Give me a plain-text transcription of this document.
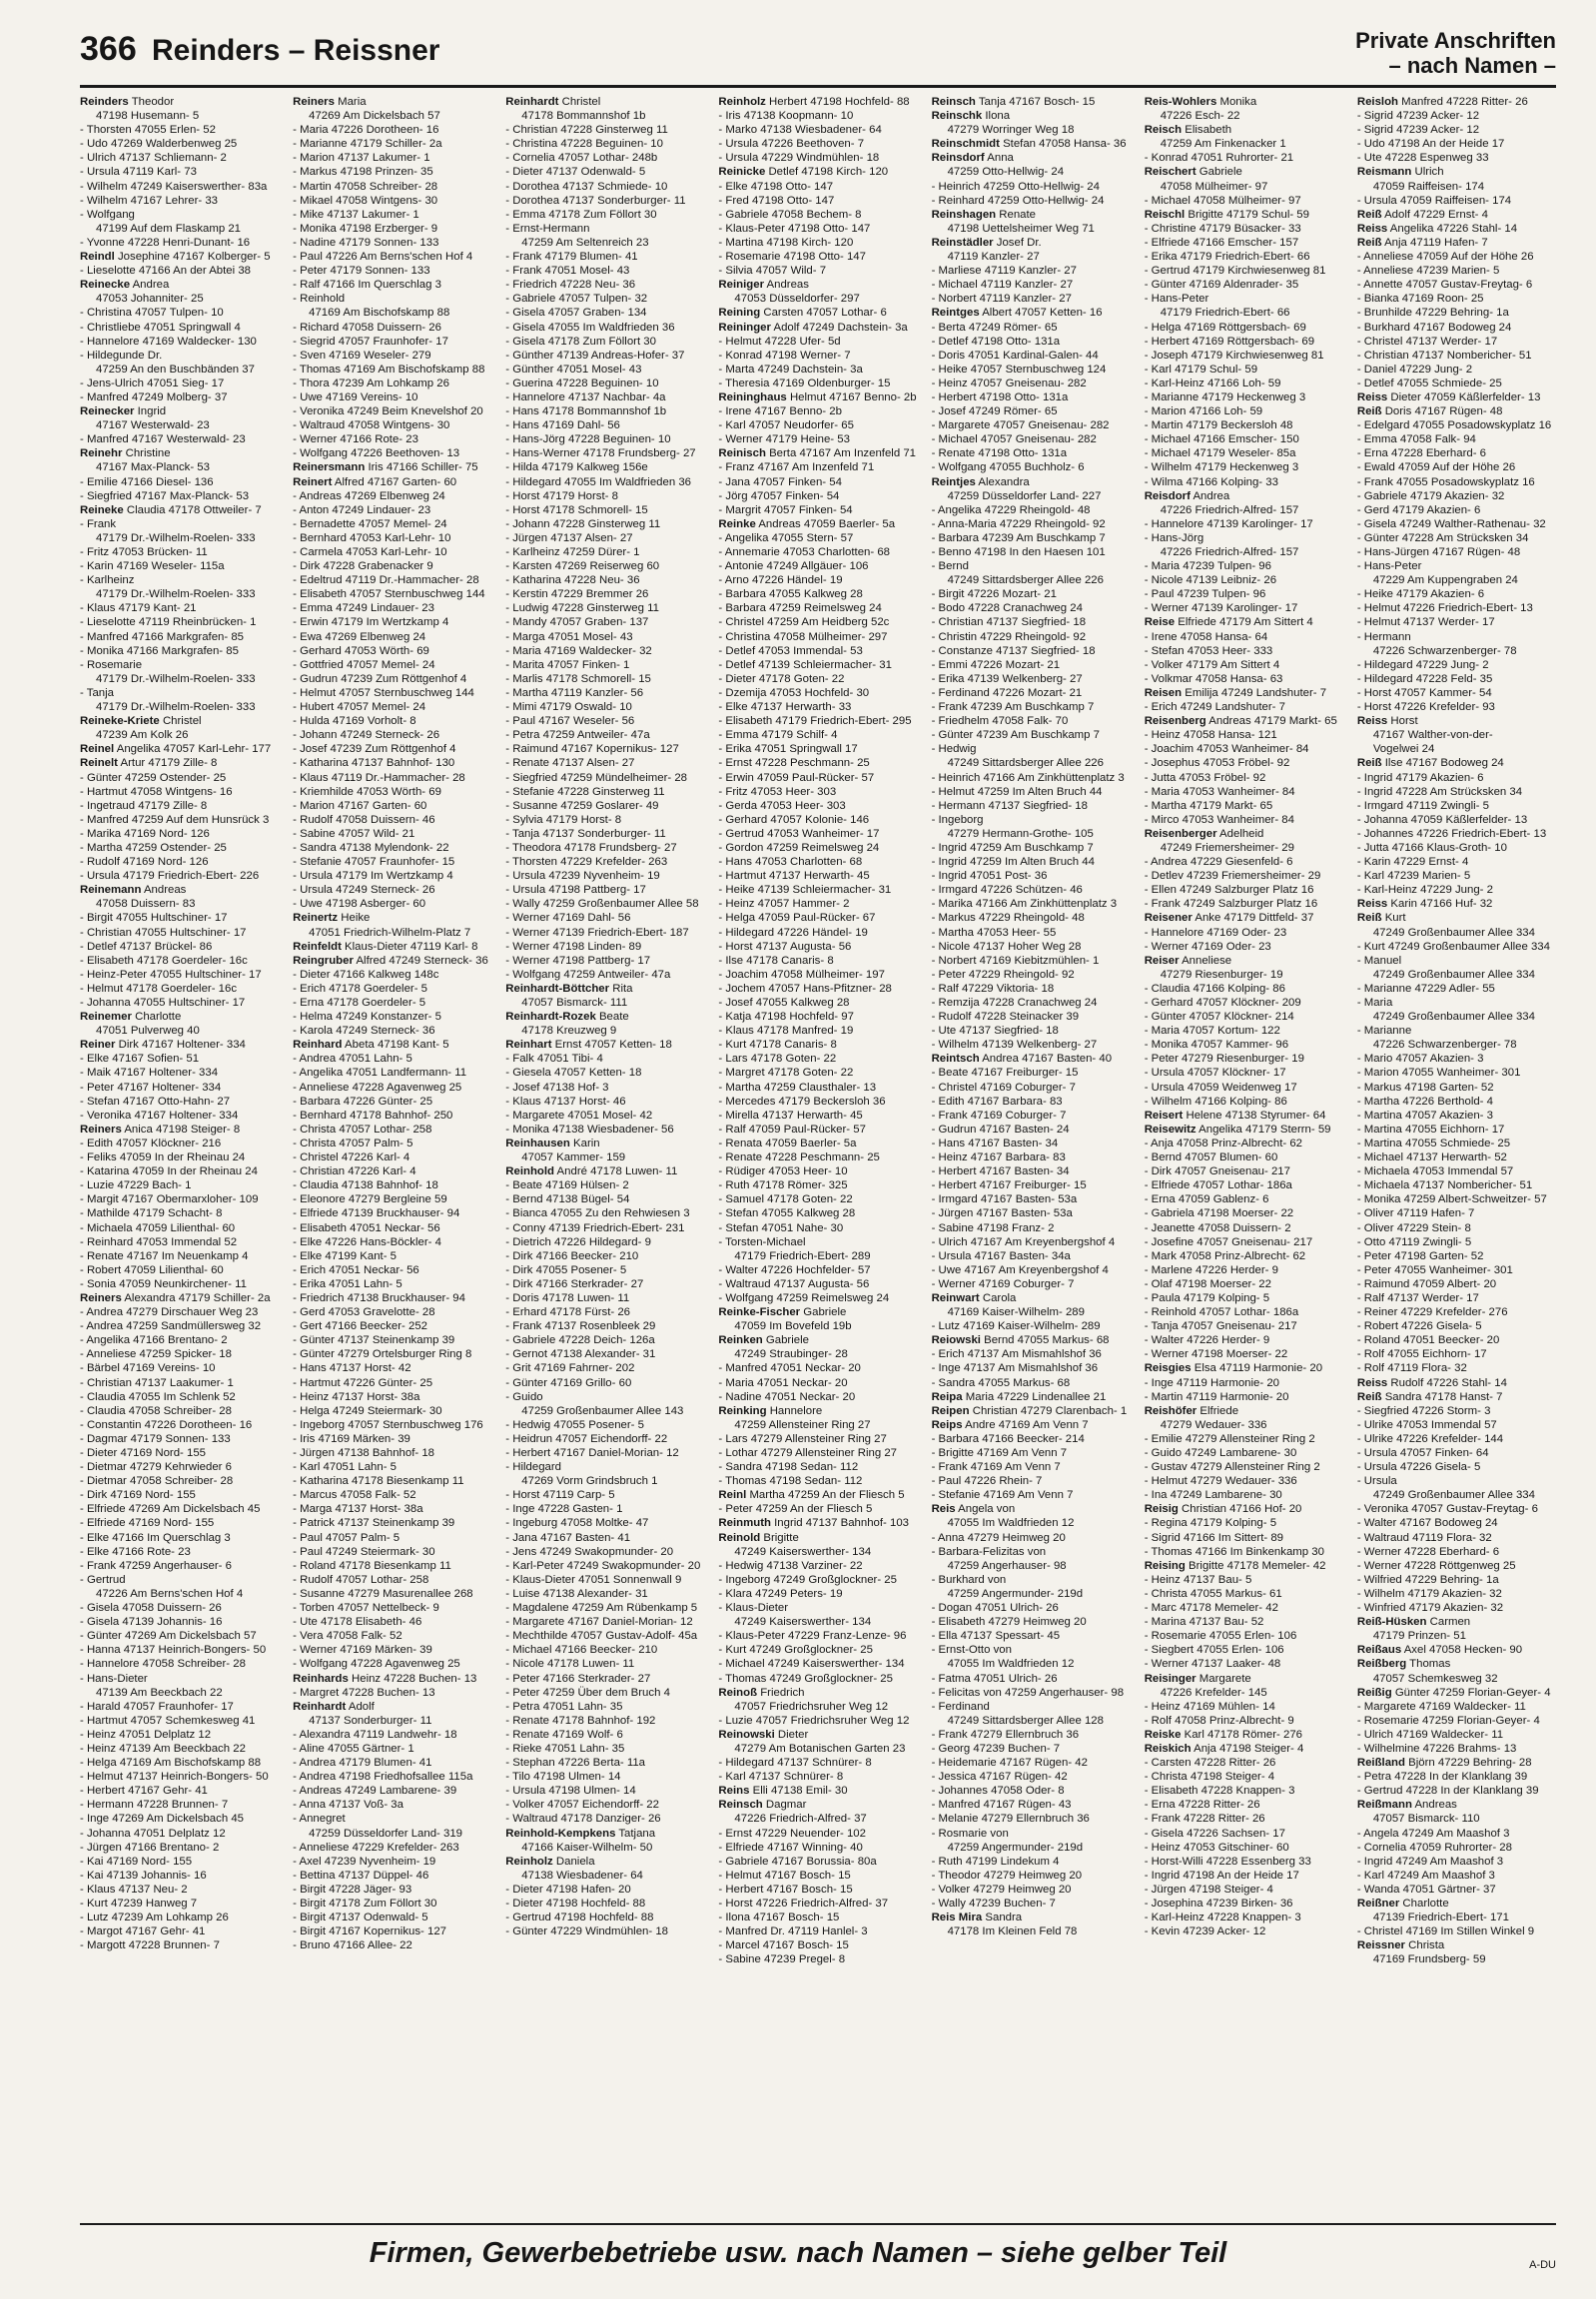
366 Reinders – Reissner	Private Anschriften
– nach Namen –
Reinders Theodor
47198 Husemann- 5
- Thorsten 47055 Erlen- 52
- Udo 47269 Walderbenweg 25
- Ulrich 47137 Schliemann- 2
- Ursula 47119 Karl- 73
- Wilhelm 47249 Kaiserswerther- 83a
- Wilhelm 47167 Lehrer- 33
- Wolfgang
47199 Auf dem Flaskamp 21
- Yvonne 47228 Henri-Dunant- 16
Reindl Josephine 47167 Kolberger- 5
- Lieselotte 47166 An der Abtei 38
Reinecke Andrea
47053 Johanniter- 25
- Christina 47057 Tulpen- 10
- Christliebe 47051 Springwall 4
- Hannelore 47169 Waldecker- 130
- Hildegunde Dr.
47259 An den Buschbänden 37
- Jens-Ulrich 47051 Sieg- 17
- Manfred 47249 Molberg- 37
Reinecker Ingrid
47167 Westerwald- 23
- Manfred 47167 Westerwald- 23
Reinehr Christine
47167 Max-Planck- 53
- Emilie 47166 Diesel- 136
- Siegfried 47167 Max-Planck- 53
Reineke Claudia 47178 Ottweiler- 7
- Frank
47179 Dr.-Wilhelm-Roelen- 333
- Fritz 47053 Brücken- 11
- Karin 47169 Weseler- 115a
- Karlheinz
47179 Dr.-Wilhelm-Roelen- 333
- Klaus 47179 Kant- 21
- Lieselotte 47119 Rheinbrücken- 1
- Manfred 47166 Markgrafen- 85
- Monika 47166 Markgrafen- 85
- Rosemarie
47179 Dr.-Wilhelm-Roelen- 333
- Tanja
47179 Dr.-Wilhelm-Roelen- 333
Reineke-Kriete Christel
47239 Am Kolk 26
Reinel Angelika 47057 Karl-Lehr- 177
Reinelt Artur 47179 Zille- 8
- Günter 47259 Ostender- 25
- Hartmut 47058 Wintgens- 16
- Ingetraud 47179 Zille- 8
- Manfred 47259 Auf dem Hunsrück 3
- Marika 47169 Nord- 126
- Martha 47259 Ostender- 25
- Rudolf 47169 Nord- 126
- Ursula 47179 Friedrich-Ebert- 226
Reinemann Andreas
47058 Duissern- 83
- Birgit 47055 Hultschiner- 17
- Christian 47055 Hultschiner- 17
- Detlef 47137 Brückel- 86
- Elisabeth 47178 Goerdeler- 16c
- Heinz-Peter 47055 Hultschiner- 17
- Helmut 47178 Goerdeler- 16c
- Johanna 47055 Hultschiner- 17
Reinemer Charlotte
47051 Pulverweg 40
Reiner Dirk 47167 Holtener- 334
- Elke 47167 Sofien- 51
- Maik 47167 Holtener- 334
- Peter 47167 Holtener- 334
- Stefan 47167 Otto-Hahn- 27
- Veronika 47167 Holtener- 334
Reiners Anica 47198 Steiger- 8
- Edith 47057 Klöckner- 216
- Feliks 47059 In der Rheinau 24
- Katarina 47059 In der Rheinau 24
- Luzie 47229 Bach- 1
- Margit 47167 Obermarxloher- 109
- Mathilde 47179 Schacht- 8
- Michaela 47059 Lilienthal- 60
- Reinhard 47053 Immendal 52
- Renate 47167 Im Neuenkamp 4
- Robert 47059 Lilienthal- 60
- Sonia 47059 Neunkirchener- 11
Reiners Alexandra 47179 Schiller- 2a
- Andrea 47279 Dirschauer Weg 23
- Andrea 47259 Sandmüllersweg 32
- Angelika 47166 Brentano- 2
- Anneliese 47259 Spicker- 18
- Bärbel 47169 Vereins- 10
- Christian 47137 Laakumer- 1
- Claudia 47055 Im Schlenk 52
- Claudia 47058 Schreiber- 28
- Constantin 47226 Dorotheen- 16
- Dagmar 47179 Sonnen- 133
- Dieter 47169 Nord- 155
- Dietmar 47279 Kehrwieder 6
- Dietmar 47058 Schreiber- 28
- Dirk 47169 Nord- 155
- Elfriede 47269 Am Dickelsbach 45
- Elfriede 47169 Nord- 155
- Elke 47166 Im Querschlag 3
- Elke 47166 Rote- 23
- Frank 47259 Angerhauser- 6
- Gertrud
47226 Am Berns'schen Hof 4
- Gisela 47058 Duissern- 26
- Gisela 47139 Johannis- 16
- Günter 47269 Am Dickelsbach 57
- Hanna 47137 Heinrich-Bongers- 50
- Hannelore 47058 Schreiber- 28
- Hans-Dieter
47139 Am Beeckbach 22
- Harald 47057 Fraunhofer- 17
- Hartmut 47057 Schemkesweg 41
- Heinz 47051 Delplatz 12
- Heinz 47139 Am Beeckbach 22
- Helga 47169 Am Bischofskamp 88
- Helmut 47137 Heinrich-Bongers- 50
- Herbert 47167 Gehr- 41
- Hermann 47228 Brunnen- 7
- Inge 47269 Am Dickelsbach 45
- Johanna 47051 Delplatz 12
- Jürgen 47166 Brentano- 2
- Kai 47169 Nord- 155
- Kai 47139 Johannis- 16
- Klaus 47137 Neu- 2
- Kurt 47239 Hanweg 7
- Lutz 47239 Am Lohkamp 26
- Margot 47167 Gehr- 41
- Margott 47228 Brunnen- 7
Reiners Maria
47269 Am Dickelsbach 57
- Maria 47226 Dorotheen- 16
- Marianne 47179 Schiller- 2a
- Marion 47137 Lakumer- 1
- Markus 47198 Prinzen- 35
- Martin 47058 Schreiber- 28
- Mikael 47058 Wintgens- 30
- Mike 47137 Lakumer- 1
- Monika 47198 Erzberger- 9
- Nadine 47179 Sonnen- 133
- Paul 47226 Am Berns'schen Hof 4
- Peter 47179 Sonnen- 133
- Ralf 47166 Im Querschlag 3
- Reinhold
47169 Am Bischofskamp 88
- Richard 47058 Duissern- 26
- Siegrid 47057 Fraunhofer- 17
- Sven 47169 Weseler- 279
- Thomas 47169 Am Bischofskamp 88
- Thora 47239 Am Lohkamp 26
- Uwe 47169 Vereins- 10
- Veronika 47249 Beim Knevelshof 20
- Waltraud 47058 Wintgens- 30
- Werner 47166 Rote- 23
- Wolfgang 47226 Beethoven- 13
Reinersmann Iris 47166 Schiller- 75
Reinert Alfred 47167 Garten- 60
- Andreas 47269 Elbenweg 24
- Anton 47249 Lindauer- 23
- Bernadette 47057 Memel- 24
- Bernhard 47053 Karl-Lehr- 10
- Carmela 47053 Karl-Lehr- 10
- Dirk 47228 Grabenacker 9
- Edeltrud 47119 Dr.-Hammacher- 28
- Elisabeth 47057 Sternbuschweg 144
- Emma 47249 Lindauer- 23
- Erwin 47179 Im Wertzkamp 4
- Ewa 47269 Elbenweg 24
- Gerhard 47053 Wörth- 69
- Gottfried 47057 Memel- 24
- Gudrun 47239 Zum Röttgenhof 4
- Helmut 47057 Sternbuschweg 144
- Hubert 47057 Memel- 24
- Hulda 47169 Vorholt- 8
- Johann 47249 Sterneck- 26
- Josef 47239 Zum Röttgenhof 4
- Katharina 47137 Bahnhof- 130
- Klaus 47119 Dr.-Hammacher- 28
- Kriemhilde 47053 Wörth- 69
- Marion 47167 Garten- 60
- Rudolf 47058 Duissern- 46
- Sabine 47057 Wild- 21
- Sandra 47138 Mylendonk- 22
- Stefanie 47057 Fraunhofer- 15
- Ursula 47179 Im Wertzkamp 4
- Ursula 47249 Sterneck- 26
- Uwe 47198 Asberger- 60
Reinertz Heike
47051 Friedrich-Wilhelm-Platz 7
Reinfeldt Klaus-Dieter 47119 Karl- 8
Reingruber Alfred 47249 Sterneck- 36
- Dieter 47166 Kalkweg 148c
- Erich 47178 Goerdeler- 5
- Erna 47178 Goerdeler- 5
- Helma 47249 Konstanzer- 5
- Karola 47249 Sterneck- 36
Reinhard Abeta 47198 Kant- 5
- Andrea 47051 Lahn- 5
- Angelika 47051 Landfermann- 11
- Anneliese 47228 Agavenweg 25
- Barbara 47226 Günter- 25
- Bernhard 47178 Bahnhof- 250
- Christa 47057 Lothar- 258
- Christa 47057 Palm- 5
- Christel 47226 Karl- 4
- Christian 47226 Karl- 4
- Claudia 47138 Bahnhof- 18
- Eleonore 47279 Bergleine 59
- Elfriede 47139 Bruckhauser- 94
- Elisabeth 47051 Neckar- 56
- Elke 47226 Hans-Böckler- 4
- Elke 47199 Kant- 5
- Erich 47051 Neckar- 56
- Erika 47051 Lahn- 5
- Friedrich 47138 Bruckhauser- 94
- Gerd 47053 Gravelotte- 28
- Gert 47166 Beecker- 252
- Günter 47137 Steinenkamp 39
- Günter 47279 Ortelsburger Ring 8
- Hans 47137 Horst- 42
- Hartmut 47226 Günter- 25
- Heinz 47137 Horst- 38a
- Helga 47249 Steiermark- 30
- Ingeborg 47057 Sternbuschweg 176
- Iris 47169 Märken- 39
- Jürgen 47138 Bahnhof- 18
- Karl 47051 Lahn- 5
- Katharina 47178 Biesenkamp 11
- Marcus 47058 Falk- 52
- Marga 47137 Horst- 38a
- Patrick 47137 Steinenkamp 39
- Paul 47057 Palm- 5
- Paul 47249 Steiermark- 30
- Roland 47178 Biesenkamp 11
- Rudolf 47057 Lothar- 258
- Susanne 47279 Masurenallee 268
- Torben 47057 Nettelbeck- 9
- Ute 47178 Elisabeth- 46
- Vera 47058 Falk- 52
- Werner 47169 Märken- 39
- Wolfgang 47228 Agavenweg 25
Reinhards Heinz 47228 Buchen- 13
- Margret 47228 Buchen- 13
Reinhardt Adolf
47137 Sonderburger- 11
- Alexandra 47119 Landwehr- 18
- Aline 47055 Gärtner- 1
- Andrea 47179 Blumen- 41
- Andrea 47198 Friedhofsallee 115a
- Andreas 47249 Lambarene- 39
- Anna 47137 Voß- 3a
- Annegret
47259 Düsseldorfer Land- 319
- Anneliese 47229 Krefelder- 263
- Axel 47239 Nyvenheim- 19
- Bettina 47137 Düppel- 46
- Birgit 47228 Jäger- 93
- Birgit 47178 Zum Föllort 30
- Birgit 47137 Odenwald- 5
- Birgit 47167 Kopernikus- 127
- Bruno 47166 Allee- 22
Reinhardt Christel
47178 Bommannshof 1b
- Christian 47228 Ginsterweg 11
- Christina 47228 Beguinen- 10
- Cornelia 47057 Lothar- 248b
- Dieter 47137 Odenwald- 5
- Dorothea 47137 Schmiede- 10
- Dorothea 47137 Sonderburger- 11
- Emma 47178 Zum Föllort 30
- Ernst-Hermann
47259 Am Seltenreich 23
- Frank 47179 Blumen- 41
- Frank 47051 Mosel- 43
- Friedrich 47228 Neu- 36
- Gabriele 47057 Tulpen- 32
- Gisela 47057 Graben- 134
- Gisela 47055 Im Waldfrieden 36
- Gisela 47178 Zum Föllort 30
- Günther 47139 Andreas-Hofer- 37
- Günther 47051 Mosel- 43
- Guerina 47228 Beguinen- 10
- Hannelore 47137 Nachbar- 4a
- Hans 47178 Bommannshof 1b
- Hans 47169 Dahl- 56
- Hans-Jörg 47228 Beguinen- 10
- Hans-Werner 47178 Frundsberg- 27
- Hilda 47179 Kalkweg 156e
- Hildegard 47055 Im Waldfrieden 36
- Horst 47179 Horst- 8
- Horst 47178 Schmorell- 15
- Johann 47228 Ginsterweg 11
- Jürgen 47137 Alsen- 27
- Karlheinz 47259 Dürer- 1
- Karsten 47269 Reiserweg 60
- Katharina 47228 Neu- 36
- Kerstin 47229 Bremmer 26
- Ludwig 47228 Ginsterweg 11
- Mandy 47057 Graben- 137
- Marga 47051 Mosel- 43
- Maria 47169 Waldecker- 32
- Marita 47057 Finken- 1
- Marlis 47178 Schmorell- 15
- Martha 47119 Kanzler- 56
- Mimi 47179 Oswald- 10
- Paul 47167 Weseler- 56
- Petra 47259 Antweiler- 47a
- Raimund 47167 Kopernikus- 127
- Renate 47137 Alsen- 27
- Siegfried 47259 Mündelheimer- 28
- Stefanie 47228 Ginsterweg 11
- Susanne 47259 Goslarer- 49
- Sylvia 47179 Horst- 8
- Tanja 47137 Sonderburger- 11
- Theodora 47178 Frundsberg- 27
- Thorsten 47229 Krefelder- 263
- Ursula 47239 Nyvenheim- 19
- Ursula 47198 Pattberg- 17
- Wally 47259 Großenbaumer Allee 58
- Werner 47169 Dahl- 56
- Werner 47139 Friedrich-Ebert- 187
- Werner 47198 Linden- 89
- Werner 47198 Pattberg- 17
- Wolfgang 47259 Antweiler- 47a
Reinhardt-Böttcher Rita
47057 Bismarck- 111
Reinhardt-Rozek Beate
47178 Kreuzweg 9
Reinhart Ernst 47057 Ketten- 18
- Falk 47051 Tibi- 4
- Giesela 47057 Ketten- 18
- Josef 47138 Hof- 3
- Klaus 47137 Horst- 46
- Margarete 47051 Mosel- 42
- Monika 47138 Wiesbadener- 56
Reinhausen Karin
47057 Kammer- 159
Reinhold André 47178 Luwen- 11
- Beate 47169 Hülsen- 2
- Bernd 47138 Bügel- 54
- Bianca 47055 Zu den Rehwiesen 3
- Conny 47139 Friedrich-Ebert- 231
- Dietrich 47226 Hildegard- 9
- Dirk 47166 Beecker- 210
- Dirk 47055 Posener- 5
- Dirk 47166 Sterkrader- 27
- Doris 47178 Luwen- 11
- Erhard 47178 Fürst- 26
- Frank 47137 Rosenbleek 29
- Gabriele 47228 Deich- 126a
- Gernot 47138 Alexander- 31
- Grit 47169 Fahrner- 202
- Günter 47169 Grillo- 60
- Guido
47259 Großenbaumer Allee 143
- Hedwig 47055 Posener- 5
- Heidrun 47057 Eichendorff- 22
- Herbert 47167 Daniel-Morian- 12
- Hildegard
47269 Vorm Grindsbruch 1
- Horst 47119 Carp- 5
- Inge 47228 Gasten- 1
- Ingeburg 47058 Moltke- 47
- Jana 47167 Basten- 41
- Jens 47249 Swakopmunder- 20
- Karl-Peter 47249 Swakopmunder- 20
- Klaus-Dieter 47051 Sonnenwall 9
- Luise 47138 Alexander- 31
- Magdalene 47259 Am Rübenkamp 5
- Margarete 47167 Daniel-Morian- 12
- Mechthilde 47057 Gustav-Adolf- 45a
- Michael 47166 Beecker- 210
- Nicole 47178 Luwen- 11
- Peter 47166 Sterkrader- 27
- Peter 47259 Über dem Bruch 4
- Petra 47051 Lahn- 35
- Renate 47178 Bahnhof- 192
- Renate 47169 Wolf- 6
- Rieke 47051 Lahn- 35
- Stephan 47226 Berta- 11a
- Tilo 47198 Ulmen- 14
- Ursula 47198 Ulmen- 14
- Volker 47057 Eichendorff- 22
- Waltraud 47178 Danziger- 26
Reinhold-Kempkens Tatjana
47166 Kaiser-Wilhelm- 50
Reinholz Daniela
47138 Wiesbadener- 64
- Dieter 47198 Hafen- 20
- Dieter 47198 Hochfeld- 88
- Gertrud 47198 Hochfeld- 88
- Günter 47229 Windmühlen- 18
Reinholz Herbert 47198 Hochfeld- 88
- Iris 47138 Koopmann- 10
- Marko 47138 Wiesbadener- 64
- Ursula 47226 Beethoven- 7
- Ursula 47229 Windmühlen- 18
Reinicke Detlef 47198 Kirch- 120
- Elke 47198 Otto- 147
- Fred 47198 Otto- 147
- Gabriele 47058 Bechem- 8
- Klaus-Peter 47198 Otto- 147
- Martina 47198 Kirch- 120
- Rosemarie 47198 Otto- 147
- Silvia 47057 Wild- 7
Reiniger Andreas
47053 Düsseldorfer- 297
Reining Carsten 47057 Lothar- 6
Reininger Adolf 47249 Dachstein- 3a
- Helmut 47228 Ufer- 5d
- Konrad 47198 Werner- 7
- Marta 47249 Dachstein- 3a
- Theresia 47169 Oldenburger- 15
Reininghaus Helmut 47167 Benno- 2b
- Irene 47167 Benno- 2b
- Karl 47057 Neudorfer- 65
- Werner 47179 Heine- 53
Reinisch Berta 47167 Am Inzenfeld 71
- Franz 47167 Am Inzenfeld 71
- Jana 47057 Finken- 54
- Jörg 47057 Finken- 54
- Margrit 47057 Finken- 54
Reinke Andreas 47059 Baerler- 5a
- Angelika 47055 Stern- 57
- Annemarie 47053 Charlotten- 68
- Antonie 47249 Allgäuer- 106
- Arno 47226 Händel- 19
- Barbara 47055 Kalkweg 28
- Barbara 47259 Reimelsweg 24
- Christel 47259 Am Heidberg 52c
- Christina 47058 Mülheimer- 297
- Detlef 47053 Immendal- 53
- Detlef 47139 Schleiermacher- 31
- Dieter 47178 Goten- 22
- Dzemija 47053 Hochfeld- 30
- Elke 47137 Herwarth- 33
- Elisabeth 47179 Friedrich-Ebert- 295
- Emma 47179 Schilf- 4
- Erika 47051 Springwall 17
- Ernst 47228 Peschmann- 25
- Erwin 47059 Paul-Rücker- 57
- Fritz 47053 Heer- 303
- Gerda 47053 Heer- 303
- Gerhard 47057 Kolonie- 146
- Gertrud 47053 Wanheimer- 17
- Gordon 47259 Reimelsweg 24
- Hans 47053 Charlotten- 68
- Hartmut 47137 Herwarth- 45
- Heike 47139 Schleiermacher- 31
- Heinz 47057 Hammer- 2
- Helga 47059 Paul-Rücker- 67
- Hildegard 47226 Händel- 19
- Horst 47137 Augusta- 56
- Ilse 47178 Canaris- 8
- Joachim 47058 Mülheimer- 197
- Jochem 47057 Hans-Pfitzner- 28
- Josef 47055 Kalkweg 28
- Katja 47198 Hochfeld- 97
- Klaus 47178 Manfred- 19
- Kurt 47178 Canaris- 8
- Lars 47178 Goten- 22
- Margret 47178 Goten- 22
- Martha 47259 Clausthaler- 13
- Mercedes 47179 Beckersloh 36
- Mirella 47137 Herwarth- 45
- Ralf 47059 Paul-Rücker- 57
- Renata 47059 Baerler- 5a
- Renate 47228 Peschmann- 25
- Rüdiger 47053 Heer- 10
- Ruth 47178 Römer- 325
- Samuel 47178 Goten- 22
- Stefan 47055 Kalkweg 28
- Stefan 47051 Nahe- 30
- Torsten-Michael
47179 Friedrich-Ebert- 289
- Walter 47226 Hochfelder- 57
- Waltraud 47137 Augusta- 56
- Wolfgang 47259 Reimelsweg 24
Reinke-Fischer Gabriele
47059 Im Bovefeld 19b
Reinken Gabriele
47249 Straubinger- 28
- Manfred 47051 Neckar- 20
- Maria 47051 Neckar- 20
- Nadine 47051 Neckar- 20
Reinking Hannelore
47259 Allensteiner Ring 27
- Lars 47279 Allensteiner Ring 27
- Lothar 47279 Allensteiner Ring 27
- Sandra 47198 Sedan- 112
- Thomas 47198 Sedan- 112
Reinl Martha 47259 An der Fliesch 5
- Peter 47259 An der Fliesch 5
Reinmuth Ingrid 47137 Bahnhof- 103
Reinold Brigitte
47249 Kaiserswerther- 134
- Hedwig 47138 Varziner- 22
- Ingeborg 47249 Großglockner- 25
- Klara 47249 Peters- 19
- Klaus-Dieter
47249 Kaiserswerther- 134
- Klaus-Peter 47229 Franz-Lenze- 96
- Kurt 47249 Großglockner- 25
- Michael 47249 Kaiserswerther- 134
- Thomas 47249 Großglockner- 25
Reinoß Friedrich
47057 Friedrichsruher Weg 12
- Luzie 47057 Friedrichsruher Weg 12
Reinowski Dieter
47279 Am Botanischen Garten 23
- Hildegard 47137 Schnürer- 8
- Karl 47137 Schnürer- 8
Reins Elli 47138 Emil- 30
Reinsch Dagmar
47226 Friedrich-Alfred- 37
- Ernst 47229 Neuender- 102
- Elfriede 47167 Winning- 40
- Gabriele 47167 Borussia- 80a
- Helmut 47167 Bosch- 15
- Herbert 47167 Bosch- 15
- Horst 47226 Friedrich-Alfred- 37
- Ilona 47167 Bosch- 15
- Manfred Dr. 47119 Hanlel- 3
- Marcel 47167 Bosch- 15
- Sabine 47239 Pregel- 8
Reinsch Tanja 47167 Bosch- 15
Reinschk Ilona
47279 Worringer Weg 18
Reinschmidt Stefan 47058 Hansa- 36
Reinsdorf Anna
47259 Otto-Hellwig- 24
- Heinrich 47259 Otto-Hellwig- 24
- Reinhard 47259 Otto-Hellwig- 24
Reinshagen Renate
47198 Uettelsheimer Weg 71
Reinstädler Josef Dr.
47119 Kanzler- 27
- Marliese 47119 Kanzler- 27
- Michael 47119 Kanzler- 27
- Norbert 47119 Kanzler- 27
Reintges Albert 47057 Ketten- 16
- Berta 47249 Römer- 65
- Detlef 47198 Otto- 131a
- Doris 47051 Kardinal-Galen- 44
- Heike 47057 Sternbuschweg 124
- Heinz 47057 Gneisenau- 282
- Herbert 47198 Otto- 131a
- Josef 47249 Römer- 65
- Margarete 47057 Gneisenau- 282
- Michael 47057 Gneisenau- 282
- Renate 47198 Otto- 131a
- Wolfgang 47055 Buchholz- 6
Reintjes Alexandra
47259 Düsseldorfer Land- 227
- Angelika 47229 Rheingold- 48
- Anna-Maria 47229 Rheingold- 92
- Barbara 47239 Am Buschkamp 7
- Benno 47198 In den Haesen 101
- Bernd
47249 Sittardsberger Allee 226
- Birgit 47226 Mozart- 21
- Bodo 47228 Cranachweg 24
- Christian 47137 Siegfried- 18
- Christin 47229 Rheingold- 92
- Constanze 47137 Siegfried- 18
- Emmi 47226 Mozart- 21
- Erika 47139 Welkenberg- 27
- Ferdinand 47226 Mozart- 21
- Frank 47239 Am Buschkamp 7
- Friedhelm 47058 Falk- 70
- Günter 47239 Am Buschkamp 7
- Hedwig
47249 Sittardsberger Allee 226
- Heinrich 47166 Am Zinkhüttenplatz 3
- Helmut 47259 Im Alten Bruch 44
- Hermann 47137 Siegfried- 18
- Ingeborg
47279 Hermann-Grothe- 105
- Ingrid 47259 Am Buschkamp 7
- Ingrid 47259 Im Alten Bruch 44
- Ingrid 47051 Post- 36
- Irmgard 47226 Schützen- 46
- Marika 47166 Am Zinkhüttenplatz 3
- Markus 47229 Rheingold- 48
- Martha 47053 Heer- 55
- Nicole 47137 Hoher Weg 28
- Norbert 47169 Kiebitzmühlen- 1
- Peter 47229 Rheingold- 92
- Ralf 47229 Viktoria- 18
- Remzija 47228 Cranachweg 24
- Rudolf 47228 Steinacker 39
- Ute 47137 Siegfried- 18
- Wilhelm 47139 Welkenberg- 27
Reintsch Andrea 47167 Basten- 40
- Beate 47167 Freiburger- 15
- Christel 47169 Coburger- 7
- Edith 47167 Barbara- 83
- Frank 47169 Coburger- 7
- Gudrun 47167 Basten- 24
- Hans 47167 Basten- 34
- Heinz 47167 Barbara- 83
- Herbert 47167 Basten- 34
- Herbert 47167 Freiburger- 15
- Irmgard 47167 Basten- 53a
- Jürgen 47167 Basten- 53a
- Sabine 47198 Franz- 2
- Ulrich 47167 Am Kreyenbergshof 4
- Ursula 47167 Basten- 34a
- Uwe 47167 Am Kreyenbergshof 4
- Werner 47169 Coburger- 7
Reinwart Carola
47169 Kaiser-Wilhelm- 289
- Lutz 47169 Kaiser-Wilhelm- 289
Reiowski Bernd 47055 Markus- 68
- Erich 47137 Am Mismahlshof 36
- Inge 47137 Am Mismahlshof 36
- Sandra 47055 Markus- 68
Reipa Maria 47229 Lindenallee 21
Reipen Christian 47279 Clarenbach- 1
Reips Andre 47169 Am Venn 7
- Barbara 47166 Beecker- 214
- Brigitte 47169 Am Venn 7
- Frank 47169 Am Venn 7
- Paul 47226 Rhein- 7
- Stefanie 47169 Am Venn 7
Reis Angela von
47055 Im Waldfrieden 12
- Anna 47279 Heimweg 20
- Barbara-Felizitas von
47259 Angerhauser- 98
- Burkhard von
47259 Angermunder- 219d
- Dogan 47051 Ulrich- 26
- Elisabeth 47279 Heimweg 20
- Ella 47137 Spessart- 45
- Ernst-Otto von
47055 Im Waldfrieden 12
- Fatma 47051 Ulrich- 26
- Felicitas von 47259 Angerhauser- 98
- Ferdinand
47249 Sittardsberger Allee 128
- Frank 47279 Ellernbruch 36
- Georg 47239 Buchen- 7
- Heidemarie 47167 Rügen- 42
- Jessica 47167 Rügen- 42
- Johannes 47058 Oder- 8
- Manfred 47167 Rügen- 43
- Melanie 47279 Ellernbruch 36
- Rosmarie von
47259 Angermunder- 219d
- Ruth 47199 Lindekum 4
- Theodor 47279 Heimweg 20
- Volker 47279 Heimweg 20
- Wally 47239 Buchen- 7
Reis Mira Sandra
47178 Im Kleinen Feld 78
Reis-Wohlers Monika
47226 Esch- 22
Reisch Elisabeth
47259 Am Finkenacker 1
- Konrad 47051 Ruhrorter- 21
Reischert Gabriele
47058 Mülheimer- 97
- Michael 47058 Mülheimer- 97
Reischl Brigitte 47179 Schul- 59
- Christine 47179 Büsacker- 33
- Elfriede 47166 Emscher- 157
- Erika 47179 Friedrich-Ebert- 66
- Gertrud 47179 Kirchwiesenweg 81
- Günter 47169 Aldenrader- 35
- Hans-Peter
47179 Friedrich-Ebert- 66
- Helga 47169 Röttgersbach- 69
- Herbert 47169 Röttgersbach- 69
- Joseph 47179 Kirchwiesenweg 81
- Karl 47179 Schul- 59
- Karl-Heinz 47166 Loh- 59
- Marianne 47179 Heckenweg 3
- Marion 47166 Loh- 59
- Martin 47179 Beckersloh 48
- Michael 47166 Emscher- 150
- Michael 47179 Weseler- 85a
- Wilhelm 47179 Heckenweg 3
- Wilma 47166 Kolping- 33
Reisdorf Andrea
47226 Friedrich-Alfred- 157
- Hannelore 47139 Karolinger- 17
- Hans-Jörg
47226 Friedrich-Alfred- 157
- Maria 47239 Tulpen- 96
- Nicole 47139 Leibniz- 26
- Paul 47239 Tulpen- 96
- Werner 47139 Karolinger- 17
Reise Elfriede 47179 Am Sittert 4
- Irene 47058 Hansa- 64
- Stefan 47053 Heer- 333
- Volker 47179 Am Sittert 4
- Volkmar 47058 Hansa- 63
Reisen Emilija 47249 Landshuter- 7
- Erich 47249 Landshuter- 7
Reisenberg Andreas 47179 Markt- 65
- Heinz 47058 Hansa- 121
- Joachim 47053 Wanheimer- 84
- Josephus 47053 Fröbel- 92
- Jutta 47053 Fröbel- 92
- Maria 47053 Wanheimer- 84
- Martha 47179 Markt- 65
- Mirco 47053 Wanheimer- 84
Reisenberger Adelheid
47249 Friemersheimer- 29
- Andrea 47229 Giesenfeld- 6
- Detlev 47239 Friemersheimer- 29
- Ellen 47249 Salzburger Platz 16
- Frank 47249 Salzburger Platz 16
Reisener Anke 47179 Dittfeld- 37
- Hannelore 47169 Oder- 23
- Werner 47169 Oder- 23
Reiser Anneliese
47279 Riesenburger- 19
- Claudia 47166 Kolping- 86
- Gerhard 47057 Klöckner- 209
- Günter 47057 Klöckner- 214
- Maria 47057 Kortum- 122
- Monika 47057 Kammer- 96
- Peter 47279 Riesenburger- 19
- Ursula 47057 Klöckner- 17
- Ursula 47059 Weidenweg 17
- Wilhelm 47166 Kolping- 86
Reisert Helene 47138 Styrumer- 64
Reisewitz Angelika 47179 Sterrn- 59
- Anja 47058 Prinz-Albrecht- 62
- Bernd 47057 Blumen- 60
- Dirk 47057 Gneisenau- 217
- Elfriede 47057 Lothar- 186a
- Erna 47059 Gablenz- 6
- Gabriela 47198 Moerser- 22
- Jeanette 47058 Duissern- 2
- Josefine 47057 Gneisenau- 217
- Mark 47058 Prinz-Albrecht- 62
- Marlene 47226 Herder- 9
- Olaf 47198 Moerser- 22
- Paula 47179 Kolping- 5
- Reinhold 47057 Lothar- 186a
- Tanja 47057 Gneisenau- 217
- Walter 47226 Herder- 9
- Werner 47198 Moerser- 22
Reisgies Elsa 47119 Harmonie- 20
- Inge 47119 Harmonie- 20
- Martin 47119 Harmonie- 20
Reishöfer Elfriede
47279 Wedauer- 336
- Emilie 47279 Allensteiner Ring 2
- Guido 47249 Lambarene- 30
- Gustav 47279 Allensteiner Ring 2
- Helmut 47279 Wedauer- 336
- Ina 47249 Lambarene- 30
Reisig Christian 47166 Hof- 20
- Regina 47179 Kolping- 5
- Sigrid 47166 Im Sittert- 89
- Thomas 47166 Im Binkenkamp 30
Reising Brigitte 47178 Memeler- 42
- Heinz 47137 Bau- 5
- Christa 47055 Markus- 61
- Marc 47178 Memeler- 42
- Marina 47137 Bau- 52
- Rosemarie 47055 Erlen- 106
- Siegbert 47055 Erlen- 106
- Werner 47137 Laaker- 48
Reisinger Margarete
47226 Krefelder- 145
- Heinz 47169 Mühlen- 14
- Rolf 47058 Prinz-Albrecht- 9
Reiske Karl 47178 Römer- 276
Reiskich Anja 47198 Steiger- 4
- Carsten 47228 Ritter- 26
- Christa 47198 Steiger- 4
- Elisabeth 47228 Knappen- 3
- Erna 47228 Ritter- 26
- Frank 47228 Ritter- 26
- Gisela 47226 Sachsen- 17
- Heinz 47053 Gitschiner- 60
- Horst-Willi 47228 Essenberg 33
- Ingrid 47198 An der Heide 17
- Jürgen 47198 Steiger- 4
- Josephina 47239 Birken- 36
- Karl-Heinz 47228 Knappen- 3
- Kevin 47239 Acker- 12
Reisloh Manfred 47228 Ritter- 26
- Sigrid 47239 Acker- 12
- Sigrid 47239 Acker- 12
- Udo 47198 An der Heide 17
- Ute 47228 Espenweg 33
Reismann Ulrich
47059 Raiffeisen- 174
- Ursula 47059 Raiffeisen- 174
Reiß Adolf 47229 Ernst- 4
Reiss Angelika 47226 Stahl- 14
Reiß Anja 47119 Hafen- 7
- Anneliese 47059 Auf der Höhe 26
- Anneliese 47239 Marien- 5
- Annette 47057 Gustav-Freytag- 6
- Bianka 47169 Roon- 25
- Brunhilde 47229 Behring- 1a
- Burkhard 47167 Bodoweg 24
- Christel 47137 Werder- 17
- Christian 47137 Nombericher- 51
- Daniel 47229 Jung- 2
- Detlef 47055 Schmiede- 25
Reiss Dieter 47059 Käßlerfelder- 13
Reiß Doris 47167 Rügen- 48
- Edelgard 47055 Posadowskyplatz 16
- Emma 47058 Falk- 94
- Erna 47228 Eberhard- 6
- Ewald 47059 Auf der Höhe 26
- Frank 47055 Posadowskyplatz 16
- Gabriele 47179 Akazien- 32
- Gerd 47179 Akazien- 6
- Gisela 47249 Walther-Rathenau- 32
- Günter 47228 Am Strücksken 34
- Hans-Jürgen 47167 Rügen- 48
- Hans-Peter
47229 Am Kuppengraben 24
- Heike 47179 Akazien- 6
- Helmut 47226 Friedrich-Ebert- 13
- Helmut 47137 Werder- 17
- Hermann
47226 Schwarzenberger- 78
- Hildegard 47229 Jung- 2
- Hildegard 47228 Feld- 35
- Horst 47057 Kammer- 54
- Horst 47226 Krefelder- 93
Reiss Horst
47167 Walther-von-der-
Vogelwei 24
Reiß Ilse 47167 Bodoweg 24
- Ingrid 47179 Akazien- 6
- Ingrid 47228 Am Strücksken 34
- Irmgard 47119 Zwingli- 5
- Johanna 47059 Käßlerfelder- 13
- Johannes 47226 Friedrich-Ebert- 13
- Jutta 47166 Klaus-Groth- 10
- Karin 47229 Ernst- 4
- Karl 47239 Marien- 5
- Karl-Heinz 47229 Jung- 2
Reiss Karin 47166 Huf- 32
Reiß Kurt
47249 Großenbaumer Allee 334
- Kurt 47249 Großenbaumer Allee 334
- Manuel
47249 Großenbaumer Allee 334
- Marianne 47229 Adler- 55
- Maria
47249 Großenbaumer Allee 334
- Marianne
47226 Schwarzenberger- 78
- Mario 47057 Akazien- 3
- Marion 47055 Wanheimer- 301
- Markus 47198 Garten- 52
- Martha 47226 Berthold- 4
- Martina 47057 Akazien- 3
- Martina 47055 Eichhorn- 17
- Martina 47055 Schmiede- 25
- Michael 47137 Herwarth- 52
- Michaela 47053 Immendal 57
- Michaela 47137 Nombericher- 51
- Monika 47259 Albert-Schweitzer- 57
- Oliver 47119 Hafen- 7
- Oliver 47229 Stein- 8
- Otto 47119 Zwingli- 5
- Peter 47198 Garten- 52
- Peter 47055 Wanheimer- 301
- Raimund 47059 Albert- 20
- Ralf 47137 Werder- 17
- Reiner 47229 Krefelder- 276
- Robert 47226 Gisela- 5
- Roland 47051 Beecker- 20
- Rolf 47055 Eichhorn- 17
- Rolf 47119 Flora- 32
Reiss Rudolf 47226 Stahl- 14
Reiß Sandra 47178 Hanst- 7
- Siegfried 47226 Storm- 3
- Ulrike 47053 Immendal 57
- Ulrike 47226 Krefelder- 144
- Ursula 47057 Finken- 64
- Ursula 47226 Gisela- 5
- Ursula
47249 Großenbaumer Allee 334
- Veronika 47057 Gustav-Freytag- 6
- Walter 47167 Bodoweg 24
- Waltraud 47119 Flora- 32
- Werner 47228 Eberhard- 6
- Werner 47228 Röttgenweg 25
- Wilfried 47229 Behring- 1a
- Wilhelm 47179 Akazien- 32
- Winfried 47179 Akazien- 32
Reiß-Hüsken Carmen
47179 Prinzen- 51
Reißaus Axel 47058 Hecken- 90
Reißberg Thomas
47057 Schemkesweg 32
Reißig Günter 47259 Florian-Geyer- 4
- Margarete 47169 Waldecker- 11
- Rosemarie 47259 Florian-Geyer- 4
- Ulrich 47169 Waldecker- 11
- Wilhelmine 47226 Brahms- 13
Reißland Björn 47229 Behring- 28
- Petra 47228 In der Klanklang 39
- Gertrud 47228 In der Klanklang 39
Reißmann Andreas
47057 Bismarck- 110
- Angela 47249 Am Maashof 3
- Cornelia 47059 Ruhrorter- 28
- Ingrid 47249 Am Maashof 3
- Karl 47249 Am Maashof 3
- Wanda 47051 Gärtner- 37
Reißner Charlotte
47139 Friedrich-Ebert- 171
- Christel 47169 Im Stillen Winkel 9
Reissner Christa
47169 Frundsberg- 59
Firmen, Gewerbebetriebe usw. nach Namen – siehe gelber Teil	A-DU
